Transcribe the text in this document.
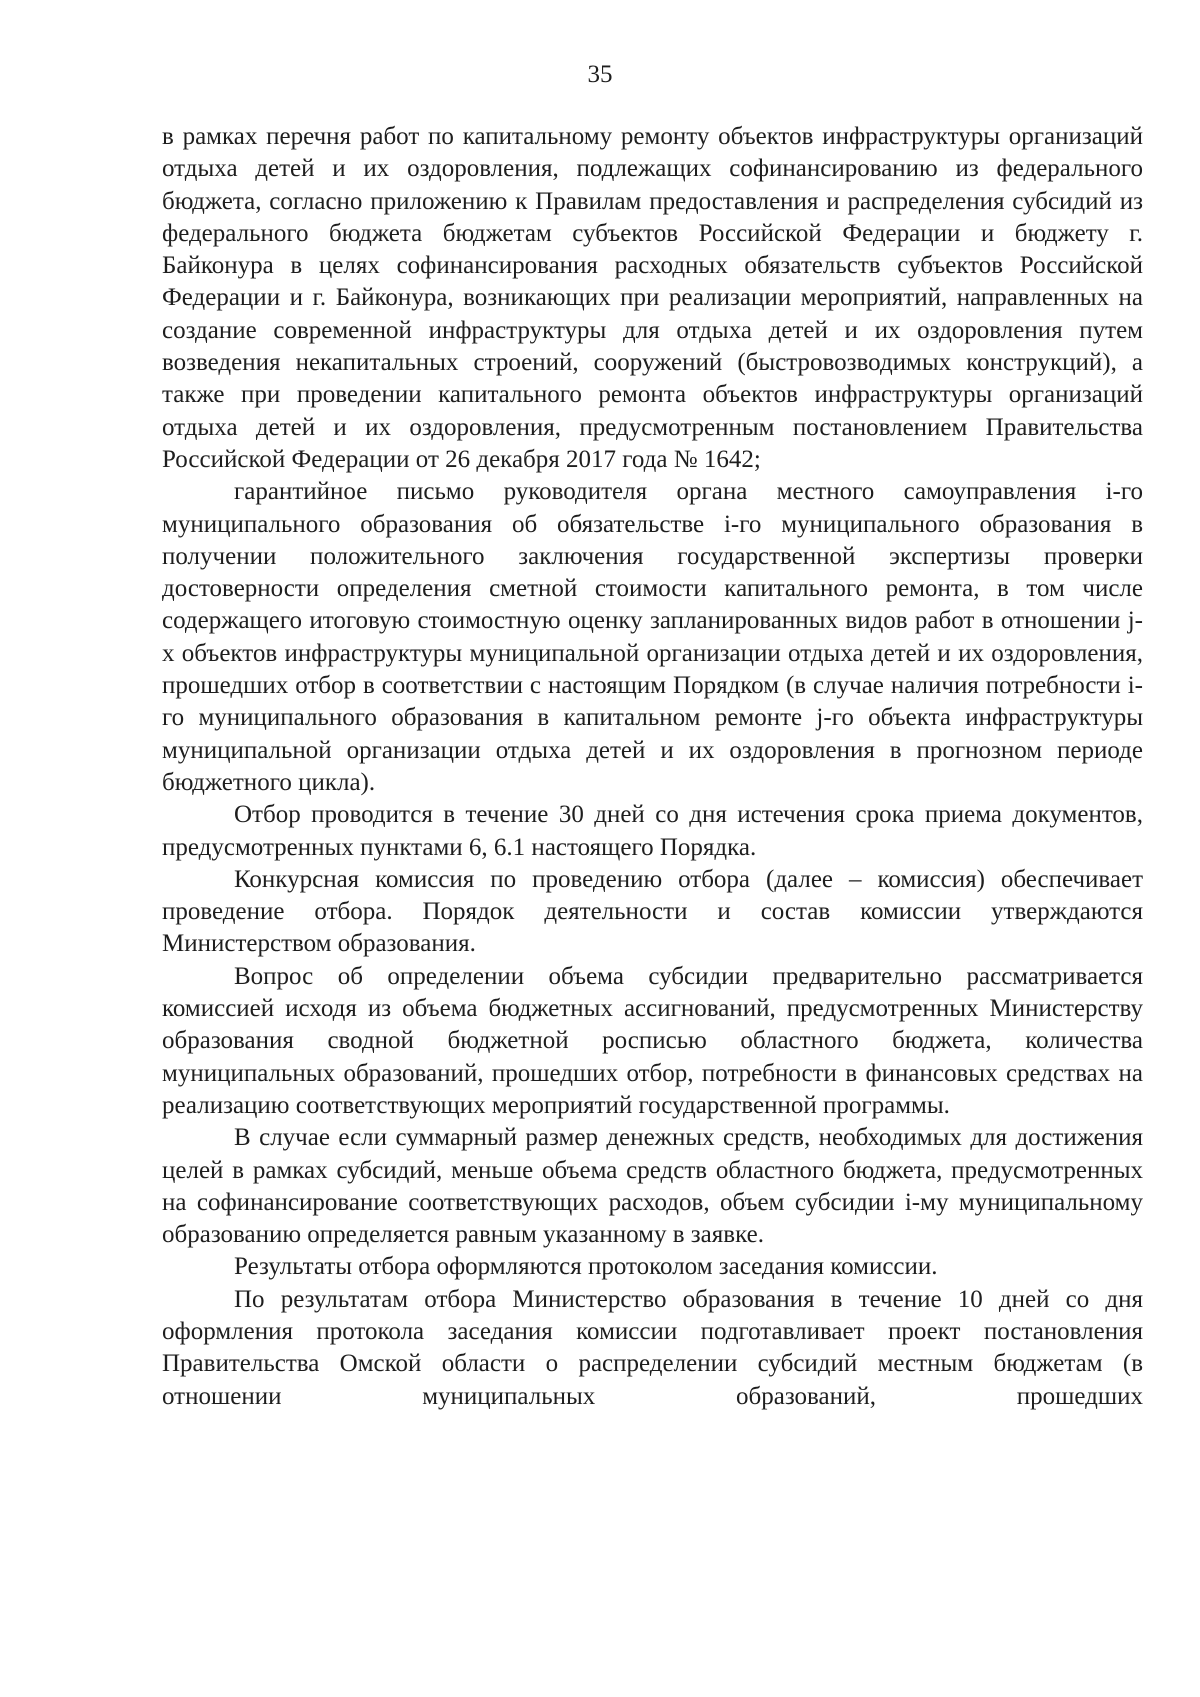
35

в рамках перечня работ по капитальному ремонту объектов инфраструктуры организаций отдыха детей и их оздоровления, подлежащих софинансированию из федерального бюджета, согласно приложению к Правилам предоставления и распределения субсидий из федерального бюджета бюджетам субъектов Российской Федерации и бюджету г. Байконура в целях софинансирования расходных обязательств субъектов Российской Федерации и г. Байконура, возникающих при реализации мероприятий, направленных на создание современной инфраструктуры для отдыха детей и их оздоровления путем возведения некапитальных строений, сооружений (быстровозводимых конструкций), а также при проведении капитального ремонта объектов инфраструктуры организаций отдыха детей и их оздоровления, предусмотренным постановлением Правительства Российской Федерации от 26 декабря 2017 года № 1642;

гарантийное письмо руководителя органа местного самоуправления i-го муниципального образования об обязательстве i-го муниципального образования в получении положительного заключения государственной экспертизы проверки достоверности определения сметной стоимости капитального ремонта, в том числе содержащего итоговую стоимостную оценку запланированных видов работ в отношении j-х объектов инфраструктуры муниципальной организации отдыха детей и их оздоровления, прошедших отбор в соответствии с настоящим Порядком (в случае наличия потребности i-го муниципального образования в капитальном ремонте j-го объекта инфраструктуры муниципальной организации отдыха детей и их оздоровления в прогнозном периоде бюджетного цикла).

Отбор проводится в течение 30 дней со дня истечения срока приема документов, предусмотренных пунктами 6, 6.1 настоящего Порядка.

Конкурсная комиссия по проведению отбора (далее – комиссия) обеспечивает проведение отбора. Порядок деятельности и состав комиссии утверждаются Министерством образования.

Вопрос об определении объема субсидии предварительно рассматривается комиссией исходя из объема бюджетных ассигнований, предусмотренных Министерству образования сводной бюджетной росписью областного бюджета, количества муниципальных образований, прошедших отбор, потребности в финансовых средствах на реализацию соответствующих мероприятий государственной программы.

В случае если суммарный размер денежных средств, необходимых для достижения целей в рамках субсидий, меньше объема средств областного бюджета, предусмотренных на софинансирование соответствующих расходов, объем субсидии i-му муниципальному образованию определяется равным указанному в заявке.

Результаты отбора оформляются протоколом заседания комиссии.

По результатам отбора Министерство образования в течение 10 дней со дня оформления протокола заседания комиссии подготавливает проект постановления Правительства Омской области о распределении субсидий местным бюджетам (в отношении муниципальных образований, прошедших
